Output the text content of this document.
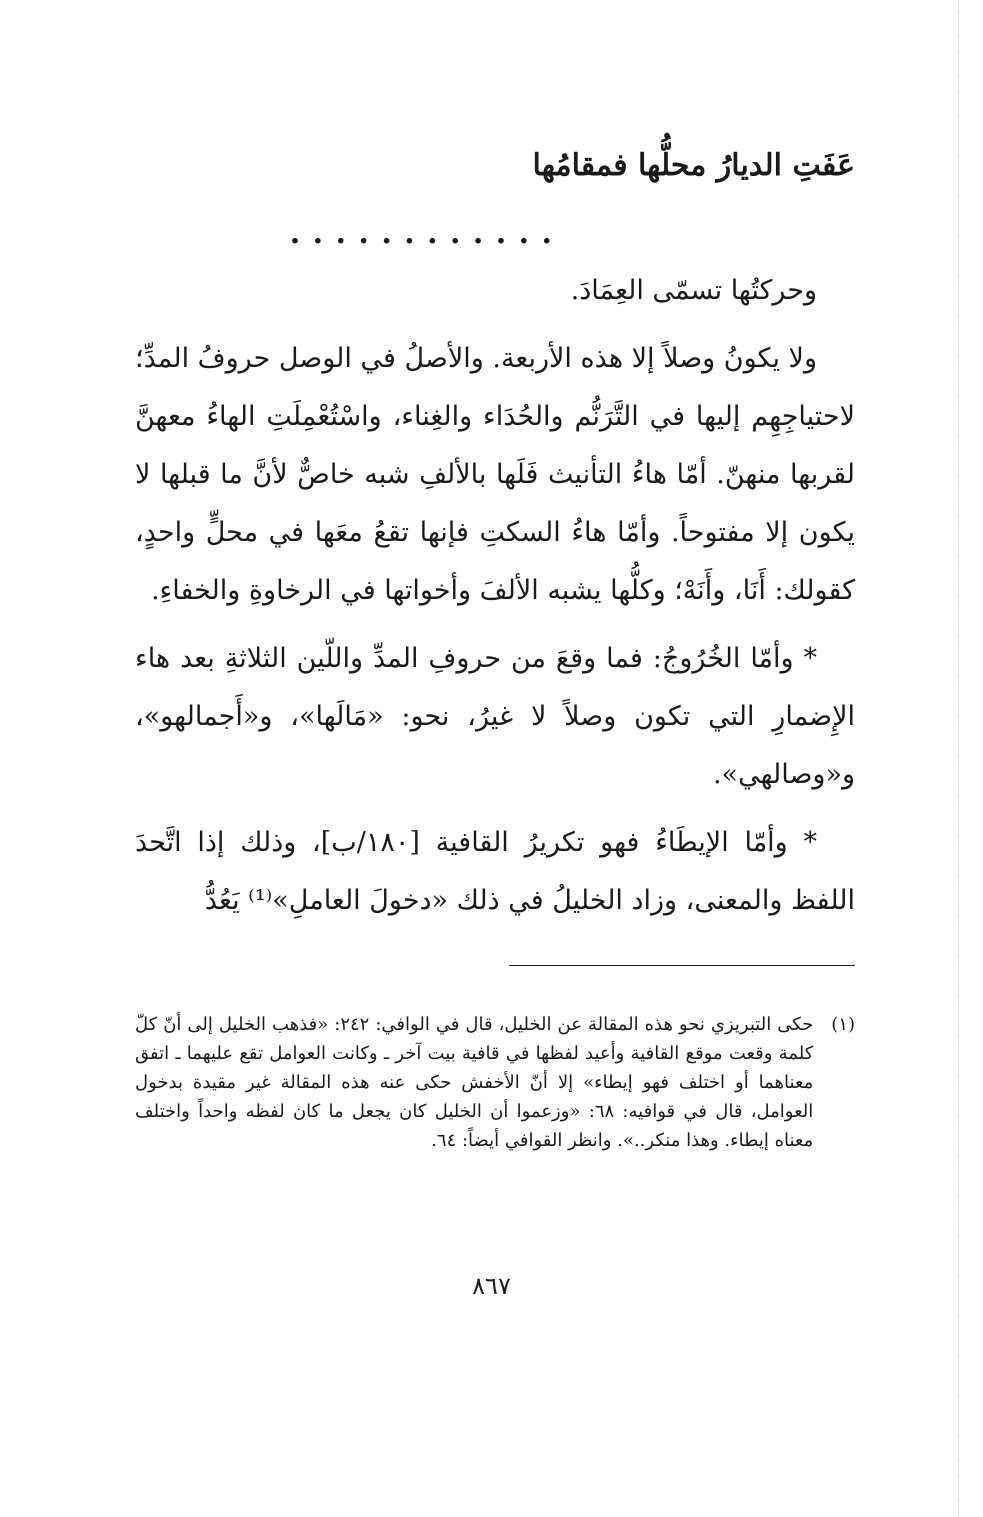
عَفَتِ الديارُ محلُّها فمقامُها
. . . . . . . . . . . .

وحركتُها تسمّى العِمَادَ.

ولا يكونُ وصلاً إلا هذه الأربعة. والأصلُ في الوصل حروفُ المدِّ؛ لاحتياجِهِم إليها في التَّرَنُّم والحُدَاء والغِناء، واسْتُعْمِلَتِ الهاءُ معهنَّ لقربها منهنّ. أمّا هاءُ التأنيث فَلَها بالألفِ شبه خاصٌّ لأنَّ ما قبلها لا يكون إلا مفتوحاً. وأمّا هاءُ السكتِ فإنها تقعُ معَها في محلٍّ واحدٍ، كقولك: أَنَا، وأَنَهْ؛ وكلُّها يشبه الألفَ وأخواتها في الرخاوةِ والخفاءِ.

* وأمّا الخُرُوجُ: فما وقعَ من حروفِ المدِّ واللّين الثلاثةِ بعد هاء الإِضمارِ التي تكون وصلاً لا غيرُ، نحو: «مَالَها»، و«أَجمالهو»، و«وصالهي».

* وأمّا الإيطَاءُ فهو تكريرُ القافية [١٨٠/ب]، وذلك إذا اتَّحدَ اللفظ والمعنى، وزاد الخليلُ في ذلك «دخولَ العاملِ»⁽¹⁾ يَعُدُّ

(١)
حكى التبريزي نحو هذه المقالة عن الخليل، قال في الوافي: ٢٤٢: «فذهب الخليل إلى أنّ كلّ كلمة وقعت موقع القافية وأعيد لفظها في قافية بيت آخر ـ وكانت العوامل تقع عليهما ـ اتفق معناهما أو اختلف فهو إيطاء» إلا أنّ الأخفش حكى عنه هذه المقالة غير مقيدة بدخول العوامل، قال في قوافيه: ٦٨: «وزعموا أن الخليل كان يجعل ما كان لفظه واحداً واختلف معناه إيطاء. وهذا منكر..». وانظر القوافي أيضاً: ٦٤.
٨٦٧
